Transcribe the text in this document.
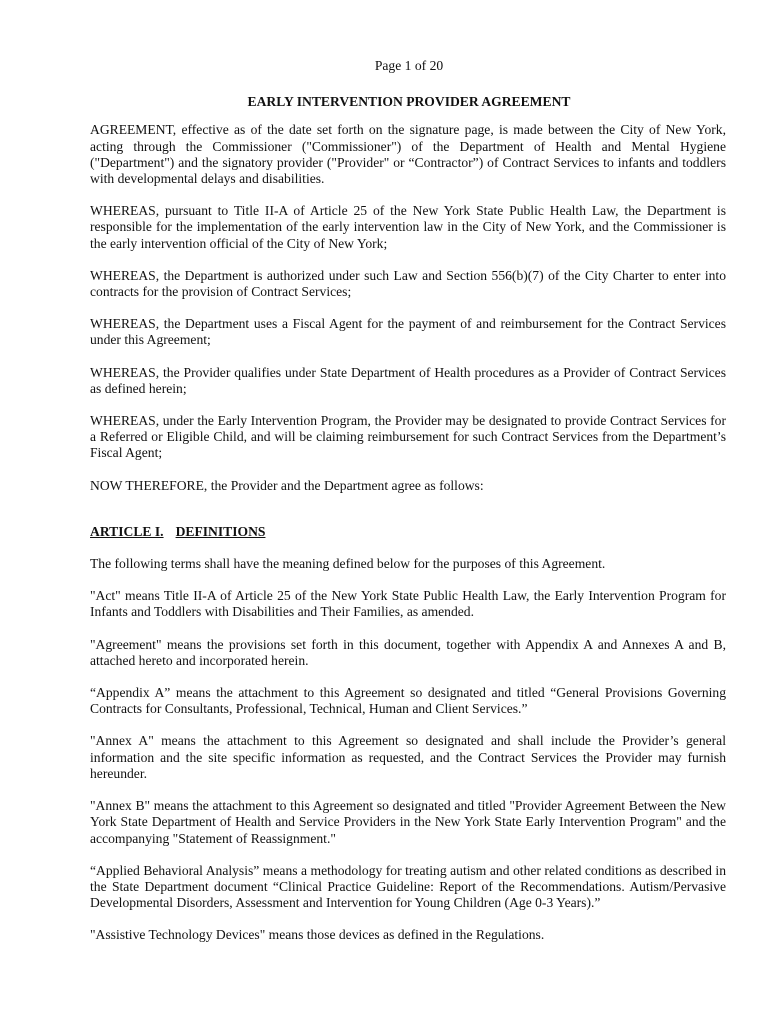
Page 1 of 20
EARLY INTERVENTION PROVIDER AGREEMENT

AGREEMENT, effective as of the date set forth on the signature page, is made between the City of New York, acting through the Commissioner ("Commissioner") of the Department of Health and Mental Hygiene ("Department") and the signatory provider ("Provider" or “Contractor”) of Contract Services to infants and toddlers with developmental delays and disabilities.

WHEREAS, pursuant to Title II-A of Article 25 of the New York State Public Health Law, the Department is responsible for the implementation of the early intervention law in the City of New York, and the Commissioner is the early intervention official of the City of New York;

WHEREAS, the Department is authorized under such Law and Section 556(b)(7) of the City Charter to enter into contracts for the provision of Contract Services;

WHEREAS, the Department uses a Fiscal Agent for the payment of and reimbursement for the Contract Services under this Agreement;

WHEREAS, the Provider qualifies under State Department of Health procedures as a Provider of Contract Services as defined herein;

WHEREAS, under the Early Intervention Program, the Provider may be designated to provide Contract Services for a Referred or Eligible Child, and will be claiming reimbursement for such Contract Services from the Department’s Fiscal Agent;

NOW THEREFORE, the Provider and the Department agree as follows:

ARTICLE I. DEFINITIONS

The following terms shall have the meaning defined below for the purposes of this Agreement.

"Act" means Title II-A of Article 25 of the New York State Public Health Law, the Early Intervention Program for Infants and Toddlers with Disabilities and Their Families, as amended.

"Agreement" means the provisions set forth in this document, together with Appendix A and Annexes A and B, attached hereto and incorporated herein.

“Appendix A” means the attachment to this Agreement so designated and titled “General Provisions Governing Contracts for Consultants, Professional, Technical, Human and Client Services.”

"Annex A" means the attachment to this Agreement so designated and shall include the Provider’s general information and the site specific information as requested, and the Contract Services the Provider may furnish hereunder.

"Annex B" means the attachment to this Agreement so designated and titled "Provider Agreement Between the New York State Department of Health and Service Providers in the New York State Early Intervention Program" and the accompanying "Statement of Reassignment."

“Applied Behavioral Analysis” means a methodology for treating autism and other related conditions as described in the State Department document “Clinical Practice Guideline: Report of the Recommendations. Autism/Pervasive Developmental Disorders, Assessment and Intervention for Young Children (Age 0-3 Years).”

"Assistive Technology Devices" means those devices as defined in the Regulations.
